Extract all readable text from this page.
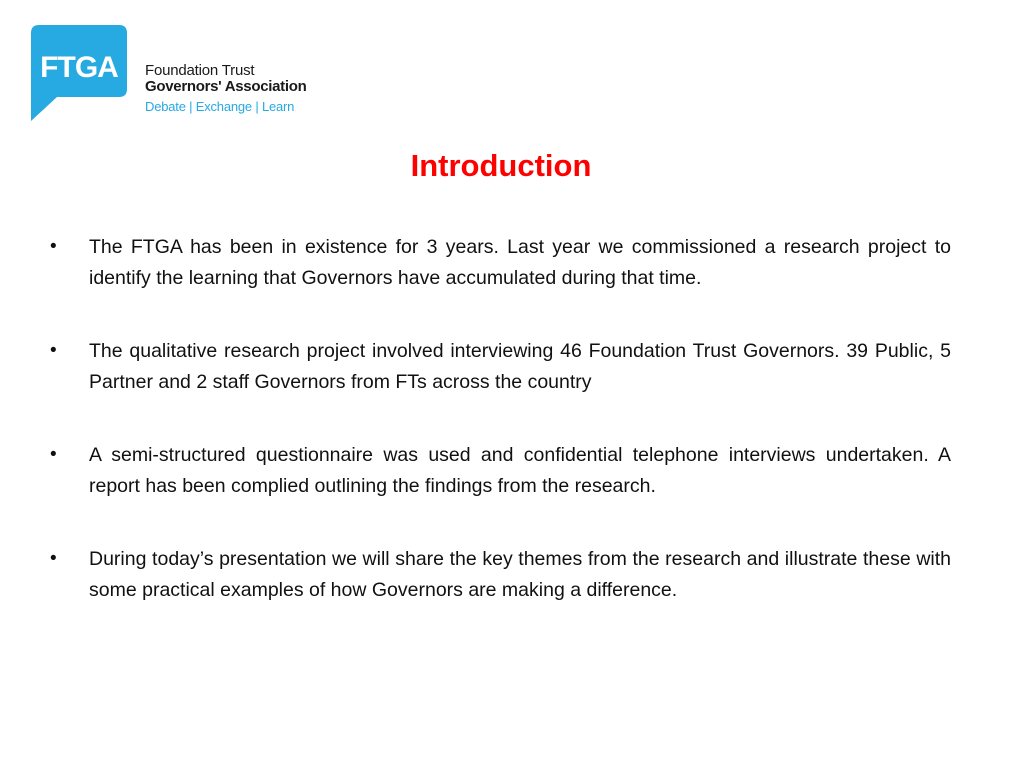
FTGA Foundation Trust
Governors' Association
Debate | Exchange | Learn
Introduction
• The FTGA has been in existence for 3 years. Last year we commissioned a research project to identify the learning that Governors have accumulated during that time.
• The qualitative research project involved interviewing 46 Foundation Trust Governors. 39 Public, 5 Partner and 2 staff Governors from FTs across the country
• A semi-structured questionnaire was used and confidential telephone interviews undertaken. A report has been complied outlining the findings from the research.
• During today’s presentation we will share the key themes from the research and illustrate these with some practical examples of how Governors are making a difference.
